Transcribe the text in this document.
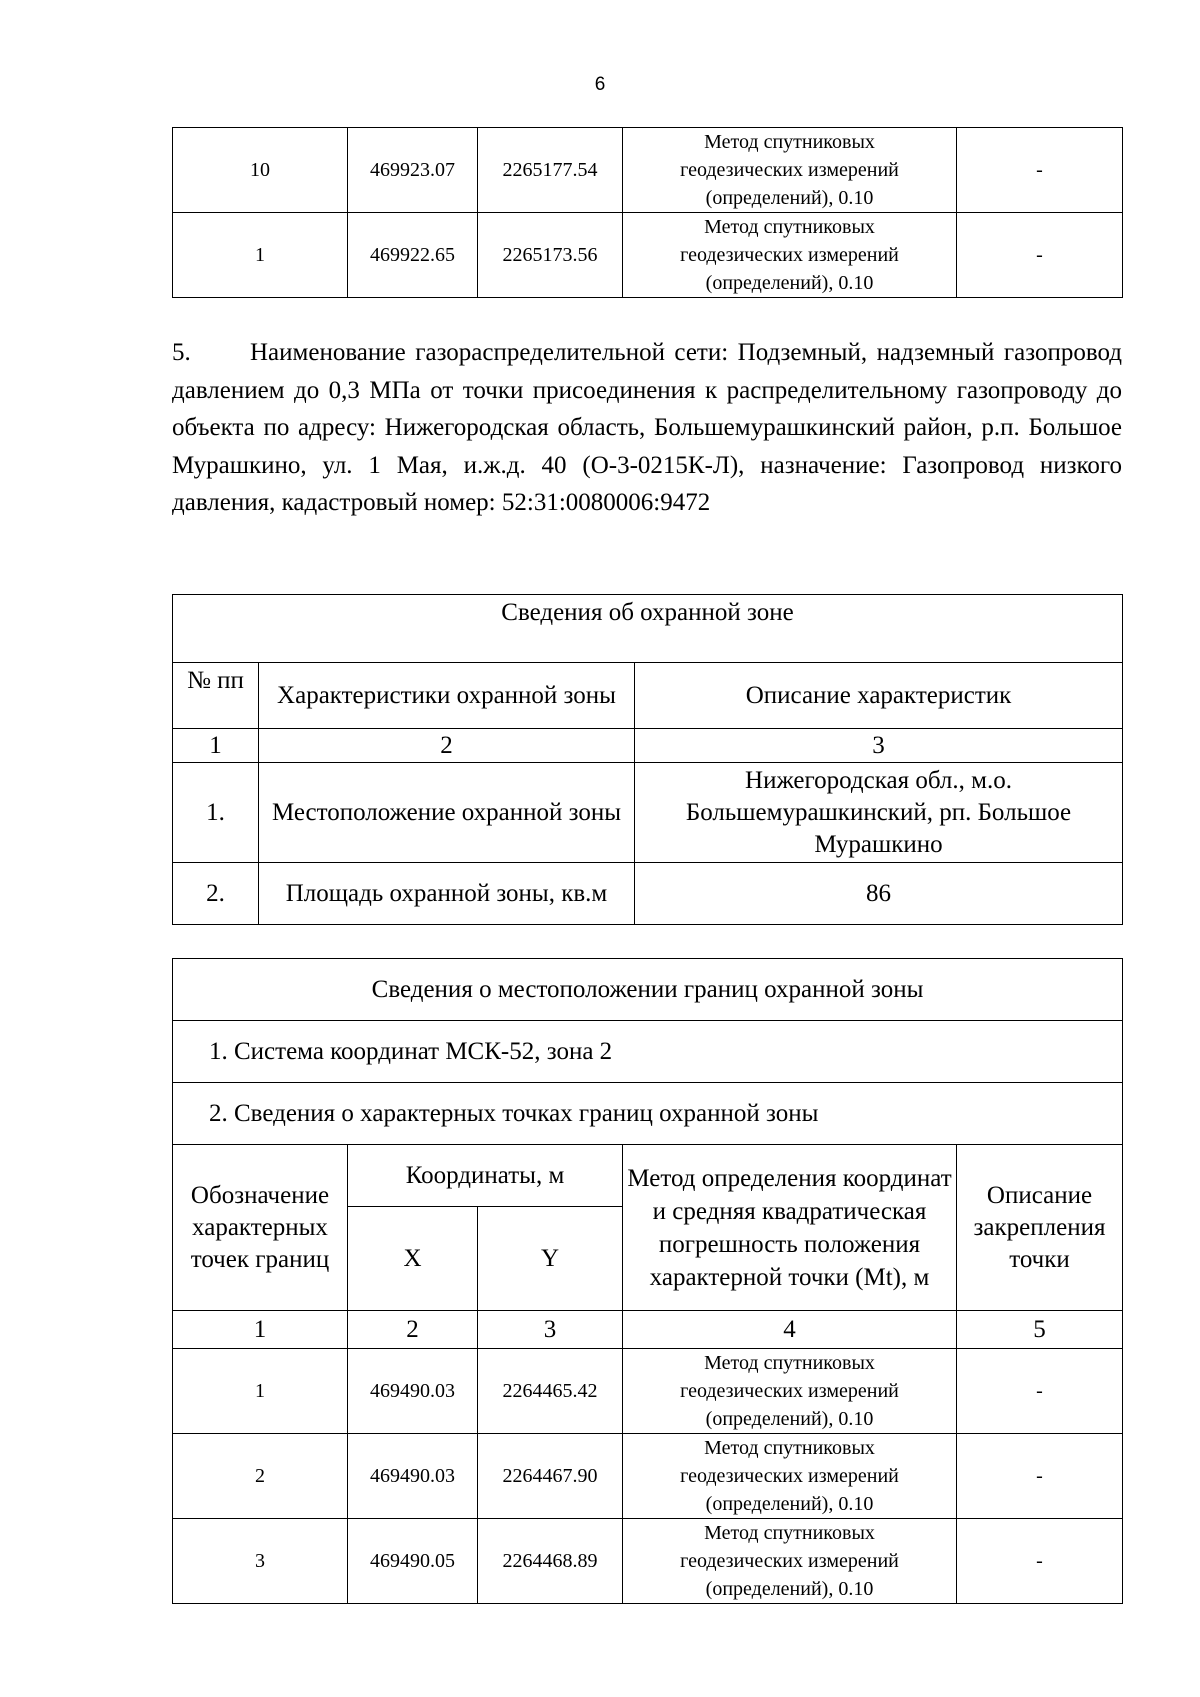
6
10	469923.07	2265177.54	Метод спутниковых
геодезических измерений
(определений), 0.10	-
1	469922.65	2265173.56	Метод спутниковых
геодезических измерений
(определений), 0.10	-
5. Наименование газораспределительной сети: Подземный, надземный газопровод давлением до 0,3 МПа от точки присоединения к распределительному газопроводу до объекта по адресу: Нижегородская область, Большемурашкинский район, р.п. Большое Мурашкино, ул. 1 Мая, и.ж.д. 40 (О-3-0215К-Л), назначение: Газопровод низкого давления, кадастровый номер: 52:31:0080006:9472
Сведения об охранной зоне		
№ пп	Характеристики охранной зоны	Описание характеристик
1	2	3
1.	Местоположение охранной зоны	Нижегородская обл., м.о. Большемурашкинский, рп. Большое Мурашкино
2.	Площадь охранной зоны, кв.м	86
Сведения о местоположении границ охранной зоны				
1. Система координат МСК-52, зона 2				
2. Сведения о характерных точках границ охранной зоны				
Обозначение характерных точек границ	Координаты, м		Метод определения координат и средняя квадратическая погрешность положения характерной точки (Mt), м	Описание закрепления точки
	X	Y		
1	2	3	4	5
1	469490.03	2264465.42	Метод спутниковых
геодезических измерений
(определений), 0.10	-
2	469490.03	2264467.90	Метод спутниковых
геодезических измерений
(определений), 0.10	-
3	469490.05	2264468.89	Метод спутниковых
геодезических измерений
(определений), 0.10	-
